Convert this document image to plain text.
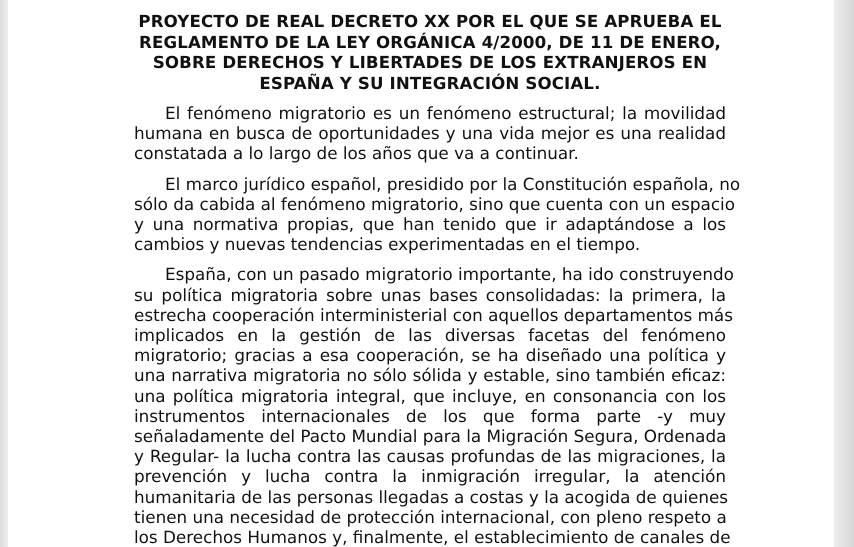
PROYECTO DE REAL DECRETO XX POR EL QUE SE APRUEBA EL
REGLAMENTO DE LA LEY ORGÁNICA 4/2000, DE 11 DE ENERO,
SOBRE DERECHOS Y LIBERTADES DE LOS EXTRANJEROS EN
ESPAÑA Y SU INTEGRACIÓN SOCIAL.
El fenómeno migratorio es un fenómeno estructural; la movilidad
humana en busca de oportunidades y una vida mejor es una realidad
constatada a lo largo de los años que va a continuar.
El marco jurídico español, presidido por la Constitución española, no
sólo da cabida al fenómeno migratorio, sino que cuenta con un espacio
y una normativa propias, que han tenido que ir adaptándose a los
cambios y nuevas tendencias experimentadas en el tiempo.
España, con un pasado migratorio importante, ha ido construyendo
su política migratoria sobre unas bases consolidadas: la primera, la
estrecha cooperación interministerial con aquellos departamentos más
implicados en la gestión de las diversas facetas del fenómeno
migratorio; gracias a esa cooperación, se ha diseñado una política y
una narrativa migratoria no sólo sólida y estable, sino también eficaz:
una política migratoria integral, que incluye, en consonancia con los
instrumentos internacionales de los que forma parte -y muy
señaladamente del Pacto Mundial para la Migración Segura, Ordenada
y Regular- la lucha contra las causas profundas de las migraciones, la
prevención y lucha contra la inmigración irregular, la atención
humanitaria de las personas llegadas a costas y la acogida de quienes
tienen una necesidad de protección internacional, con pleno respeto a
los Derechos Humanos y, finalmente, el establecimiento de canales de
